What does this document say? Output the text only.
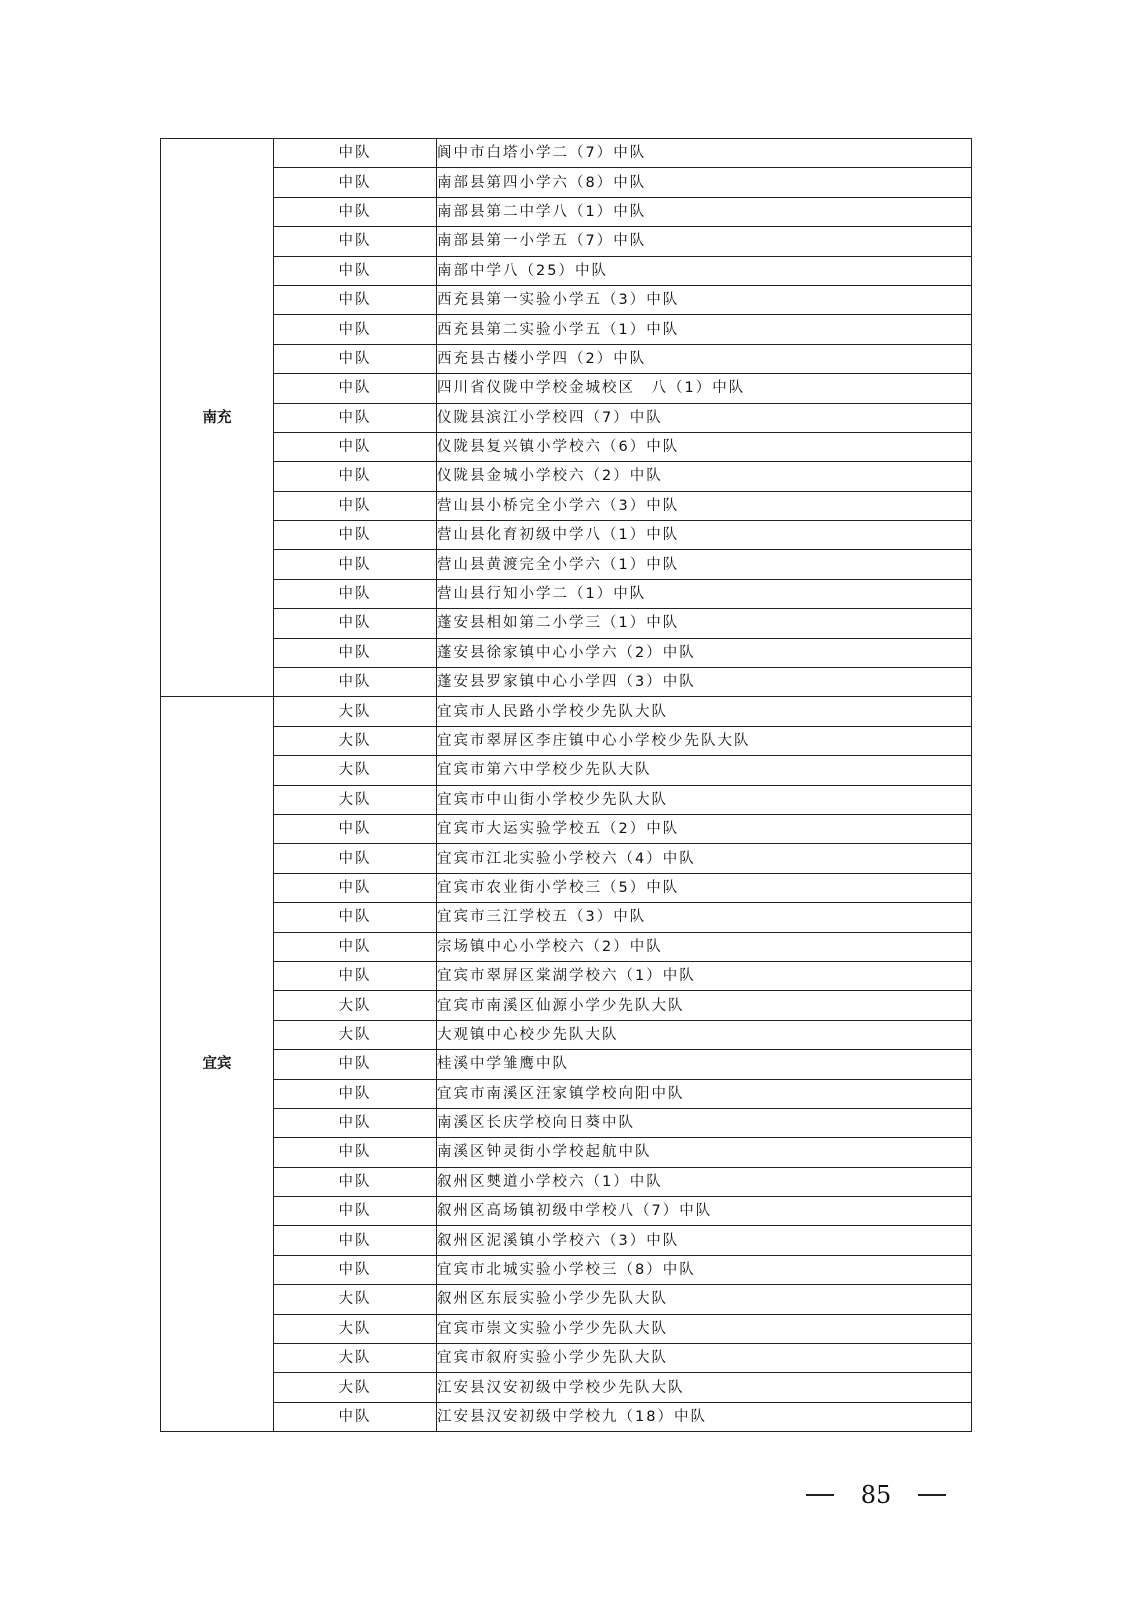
南充	中队	阆中市白塔小学二（7）中队
	中队	南部县第四小学六（8）中队
	中队	南部县第二中学八（1）中队
	中队	南部县第一小学五（7）中队
	中队	南部中学八（25）中队
	中队	西充县第一实验小学五（3）中队
	中队	西充县第二实验小学五（1）中队
	中队	西充县古楼小学四（2）中队
	中队	四川省仪陇中学校金城校区　八（1）中队
	中队	仪陇县滨江小学校四（7）中队
	中队	仪陇县复兴镇小学校六（6）中队
	中队	仪陇县金城小学校六（2）中队
	中队	营山县小桥完全小学六（3）中队
	中队	营山县化育初级中学八（1）中队
	中队	营山县黄渡完全小学六（1）中队
	中队	营山县行知小学二（1）中队
	中队	蓬安县相如第二小学三（1）中队
	中队	蓬安县徐家镇中心小学六（2）中队
	中队	蓬安县罗家镇中心小学四（3）中队
宜宾	大队	宜宾市人民路小学校少先队大队
	大队	宜宾市翠屏区李庄镇中心小学校少先队大队
	大队	宜宾市第六中学校少先队大队
	大队	宜宾市中山街小学校少先队大队
	中队	宜宾市大运实验学校五（2）中队
	中队	宜宾市江北实验小学校六（4）中队
	中队	宜宾市农业街小学校三（5）中队
	中队	宜宾市三江学校五（3）中队
	中队	宗场镇中心小学校六（2）中队
	中队	宜宾市翠屏区棠湖学校六（1）中队
	大队	宜宾市南溪区仙源小学少先队大队
	大队	大观镇中心校少先队大队
	中队	桂溪中学雏鹰中队
	中队	宜宾市南溪区汪家镇学校向阳中队
	中队	南溪区长庆学校向日葵中队
	中队	南溪区钟灵街小学校起航中队
	中队	叙州区僰道小学校六（1）中队
	中队	叙州区高场镇初级中学校八（7）中队
	中队	叙州区泥溪镇小学校六（3）中队
	中队	宜宾市北城实验小学校三（8）中队
	大队	叙州区东辰实验小学少先队大队
	大队	宜宾市崇文实验小学少先队大队
	大队	宜宾市叙府实验小学少先队大队
	大队	江安县汉安初级中学校少先队大队
	中队	江安县汉安初级中学校九（18）中队
85
